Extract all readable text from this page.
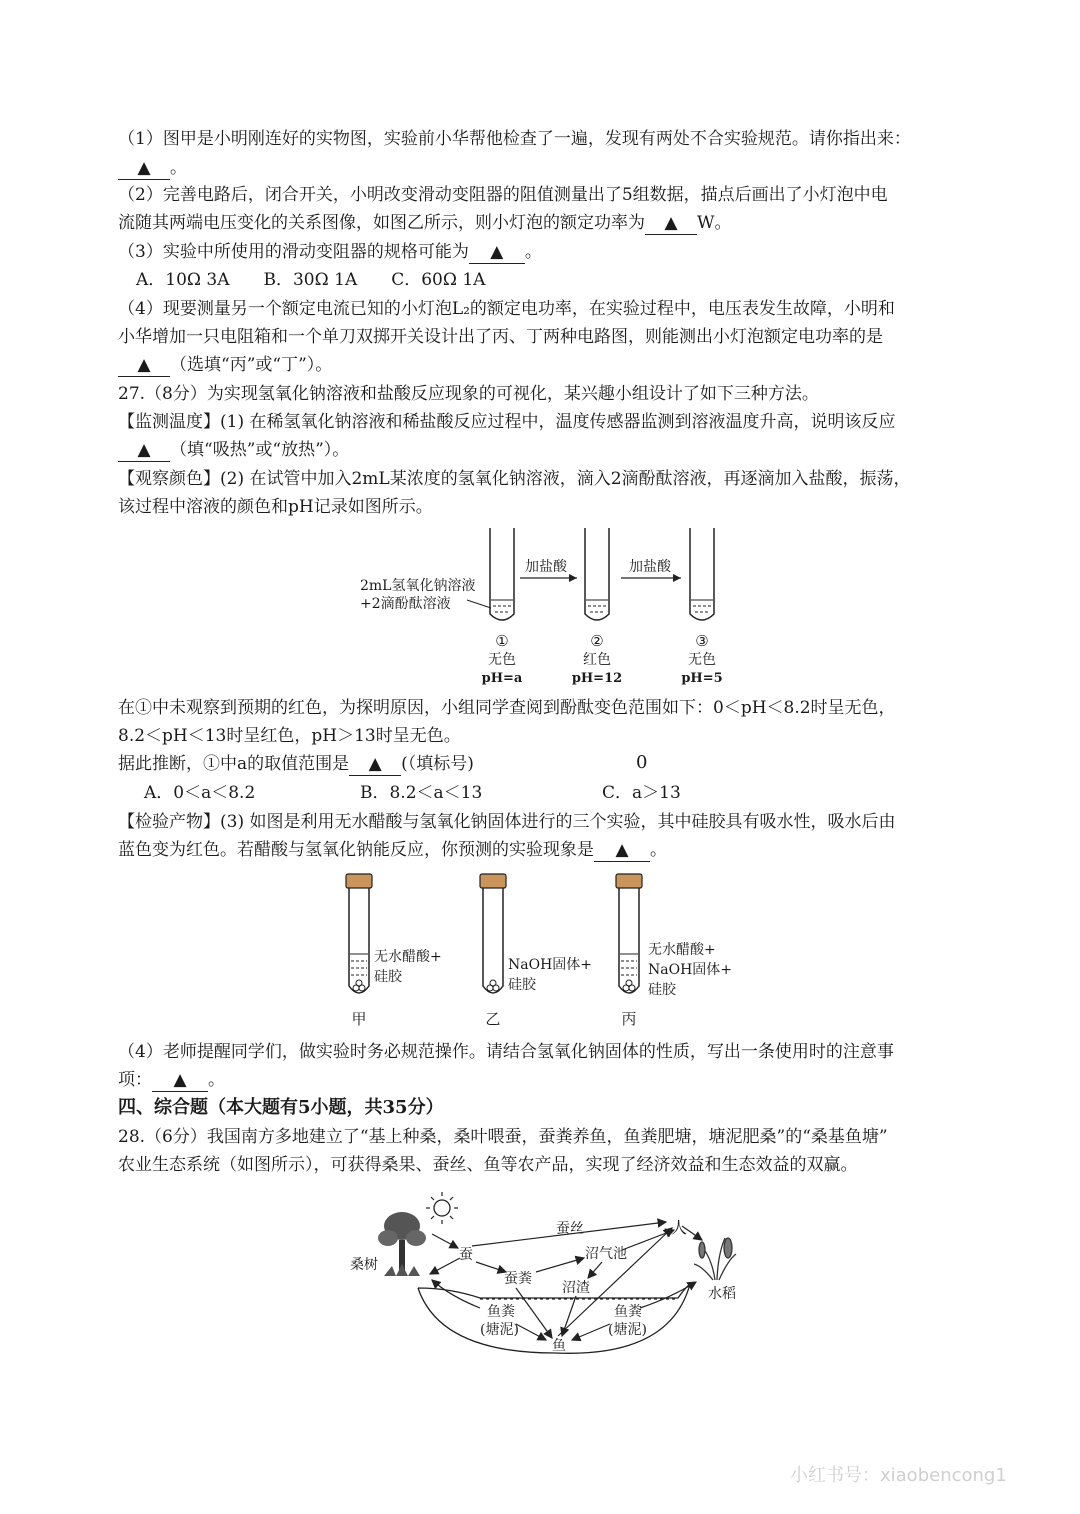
（1）图甲是小明刚连好的实物图，实验前小华帮他检查了一遍，发现有两处不合实验规范。请你指出来：
▲ 。
（2）完善电路后，闭合开关，小明改变滑动变阻器的阻值测量出了5组数据，描点后画出了小灯泡中电
流随其两端电压变化的关系图像，如图乙所示，则小灯泡的额定功率为 ▲ W。
（3）实验中所使用的滑动变阻器的规格可能为 ▲ 。
A．10Ω 3A　　B．30Ω 1A　　C．60Ω 1A
（4）现要测量另一个额定电流已知的小灯泡L₂的额定电功率，在实验过程中，电压表发生故障，小明和
小华增加一只电阻箱和一个单刀双掷开关设计出了丙、丁两种电路图，则能测出小灯泡额定电功率的是
▲ （选填“丙”或“丁”）。
27.（8分）为实现氢氧化钠溶液和盐酸反应现象的可视化，某兴趣小组设计了如下三种方法。
【监测温度】(1) 在稀氢氧化钠溶液和稀盐酸反应过程中，温度传感器监测到溶液温度升高，说明该反应
▲ （填“吸热”或“放热”）。
【观察颜色】(2) 在试管中加入2mL某浓度的氢氧化钠溶液，滴入2滴酚酞溶液，再逐滴加入盐酸，振荡，
该过程中溶液的颜色和pH记录如图所示。
2mL氢氧化钠溶液
+2滴酚酞溶液
加盐酸	加盐酸
①
无色
pH=a
②
红色
pH=12
③
无色
pH=5
在①中未观察到预期的红色，为探明原因，小组同学查阅到酚酞变色范围如下：0＜pH＜8.2时呈无色，
8.2＜pH＜13时呈红色，pH＞13时呈无色。
据此推断，①中a的取值范围是 ▲ (（填标号)	0
A．0＜a＜8.2	B．8.2＜a＜13	C．a＞13
【检验产物】(3) 如图是利用无水醋酸与氢氧化钠固体进行的三个实验，其中硅胶具有吸水性，吸水后由
蓝色变为红色。若醋酸与氢氧化钠能反应，你预测的实验现象是 ▲ 。
无水醋酸+
硅胶
NaOH固体+
硅胶
无水醋酸+
NaOH固体+
硅胶
甲	乙	丙
（4）老师提醒同学们，做实验时务必规范操作。请结合氢氧化钠固体的性质，写出一条使用时的注意事
项： ▲ 。
四、综合题（本大题有5小题，共35分）
28.（6分）我国南方多地建立了“基上种桑，桑叶喂蚕，蚕粪养鱼，鱼粪肥塘，塘泥肥桑”的“桑基鱼塘”
农业生态系统（如图所示），可获得桑果、蚕丝、鱼等农产品，实现了经济效益和生态效益的双赢。
桑树
蚕
蚕丝	人
沼气池
蚕粪
沼渣
鱼粪
(塘泥)
鱼
鱼粪
(塘泥)
水稻
小红书号：xiaobencong1
